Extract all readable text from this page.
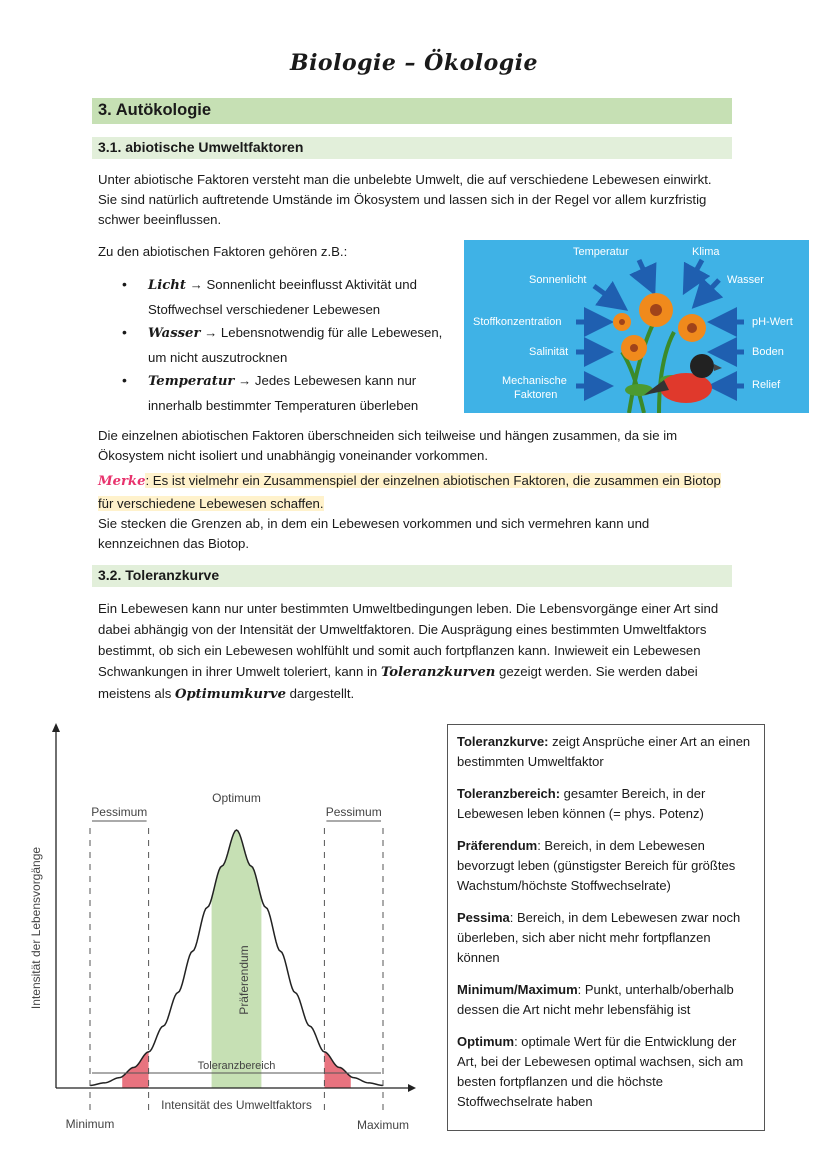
Biologie – Ökologie
3. Autökologie
3.1. abiotische Umweltfaktoren
Unter abiotische Faktoren versteht man die unbelebte Umwelt, die auf verschiedene Lebewesen einwirkt. Sie sind natürlich auftretende Umstände im Ökosystem und lassen sich in der Regel vor allem kurzfristig schwer beeinflussen.
Zu den abiotischen Faktoren gehören z.B.:
• Licht → Sonnenlicht beeinflusst Aktivität und Stoffwechsel verschiedener Lebewesen
• Wasser → Lebensnotwendig für alle Lebewesen, um nicht auszutrocknen
• Temperatur → Jedes Lebewesen kann nur innerhalb bestimmter Temperaturen überleben
Temperatur	Klima
Sonnenlicht	Wasser
Stoffkonzentration	pH-Wert
Salinität	Boden
Mechanische
Faktoren
Relief
Die einzelnen abiotischen Faktoren überschneiden sich teilweise und hängen zusammen, da sie im Ökosystem nicht isoliert und unabhängig voneinander vorkommen.
Merke: Es ist vielmehr ein Zusammenspiel der einzelnen abiotischen Faktoren, die zusammen ein Biotop für verschiedene Lebewesen schaffen.
Sie stecken die Grenzen ab, in dem ein Lebewesen vorkommen und sich vermehren kann und kennzeichnen das Biotop.
3.2. Toleranzkurve
Ein Lebewesen kann nur unter bestimmten Umweltbedingungen leben. Die Lebensvorgänge einer Art sind dabei abhängig von der Intensität der Umweltfaktoren. Die Ausprägung eines bestimmten Umweltfaktors bestimmt, ob sich ein Lebewesen wohlfühlt und somit auch fortpflanzen kann. Inwieweit ein Lebewesen Schwankungen in ihrer Umwelt toleriert, kann in Toleranzkurven gezeigt werden. Sie werden dabei meistens als Optimumkurve dargestellt.
Pessimum	Pessimum
Optimum
Toleranzbereich
Minimum	Maximum
Intensität des Umweltfaktors
Präferendum
Intensität der Lebensvorgänge

Toleranzkurve: zeigt Ansprüche einer Art an einen bestimmten Umweltfaktor

Toleranzbereich: gesamter Bereich, in der Lebewesen leben können (= phys. Potenz)

Präferendum: Bereich, in dem Lebewesen bevorzugt leben (günstigster Bereich für größtes Wachstum/höchste Stoffwechselrate)

Pessima: Bereich, in dem Lebewesen zwar noch überleben, sich aber nicht mehr fortpflanzen können

Minimum/Maximum: Punkt, unterhalb/oberhalb dessen die Art nicht mehr lebensfähig ist

Optimum: optimale Wert für die Entwicklung der Art, bei der Lebewesen optimal wachsen, sich am besten fortpflanzen und die höchste Stoffwechselrate haben
